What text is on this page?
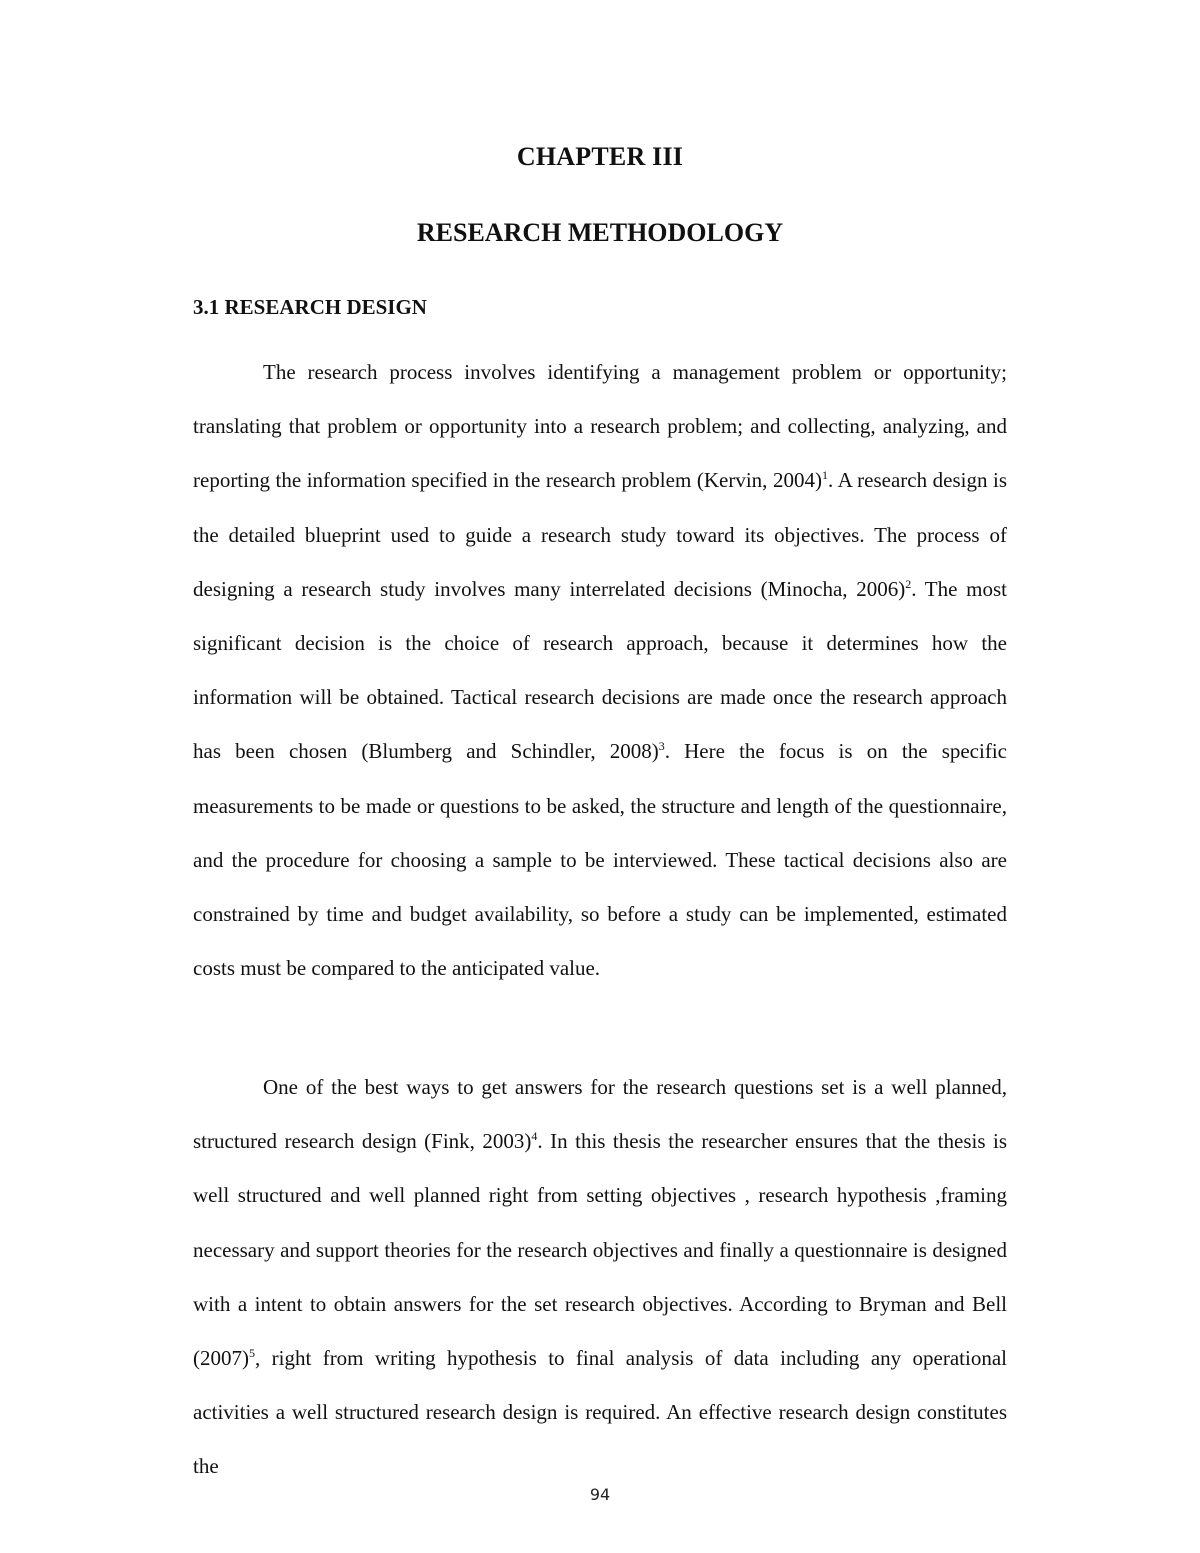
CHAPTER III
RESEARCH METHODOLOGY
3.1 RESEARCH DESIGN

The research process involves identifying a management problem or opportunity; translating that problem or opportunity into a research problem; and collecting, analyzing, and reporting the information specified in the research problem (Kervin, 2004)$^1$. A research design is the detailed blueprint used to guide a research study toward its objectives. The process of designing a research study involves many interrelated decisions (Minocha, 2006)$^2$. The most significant decision is the choice of research approach, because it determines how the information will be obtained. Tactical research decisions are made once the research approach has been chosen (Blumberg and Schindler, 2008)$^3$. Here the focus is on the specific measurements to be made or questions to be asked, the structure and length of the questionnaire, and the procedure for choosing a sample to be interviewed. These tactical decisions also are constrained by time and budget availability, so before a study can be implemented, estimated costs must be compared to the anticipated value.

One of the best ways to get answers for the research questions set is a well planned, structured research design (Fink, 2003)$^4$. In this thesis the researcher ensures that the thesis is well structured and well planned right from setting objectives , research hypothesis ,framing necessary and support theories for the research objectives and finally a questionnaire is designed with a intent to obtain answers for the set research objectives. According to Bryman and Bell $(2007)^5$, right from writing hypothesis to final analysis of data including any operational activities a well structured research design is required. An effective research design constitutes the

94
